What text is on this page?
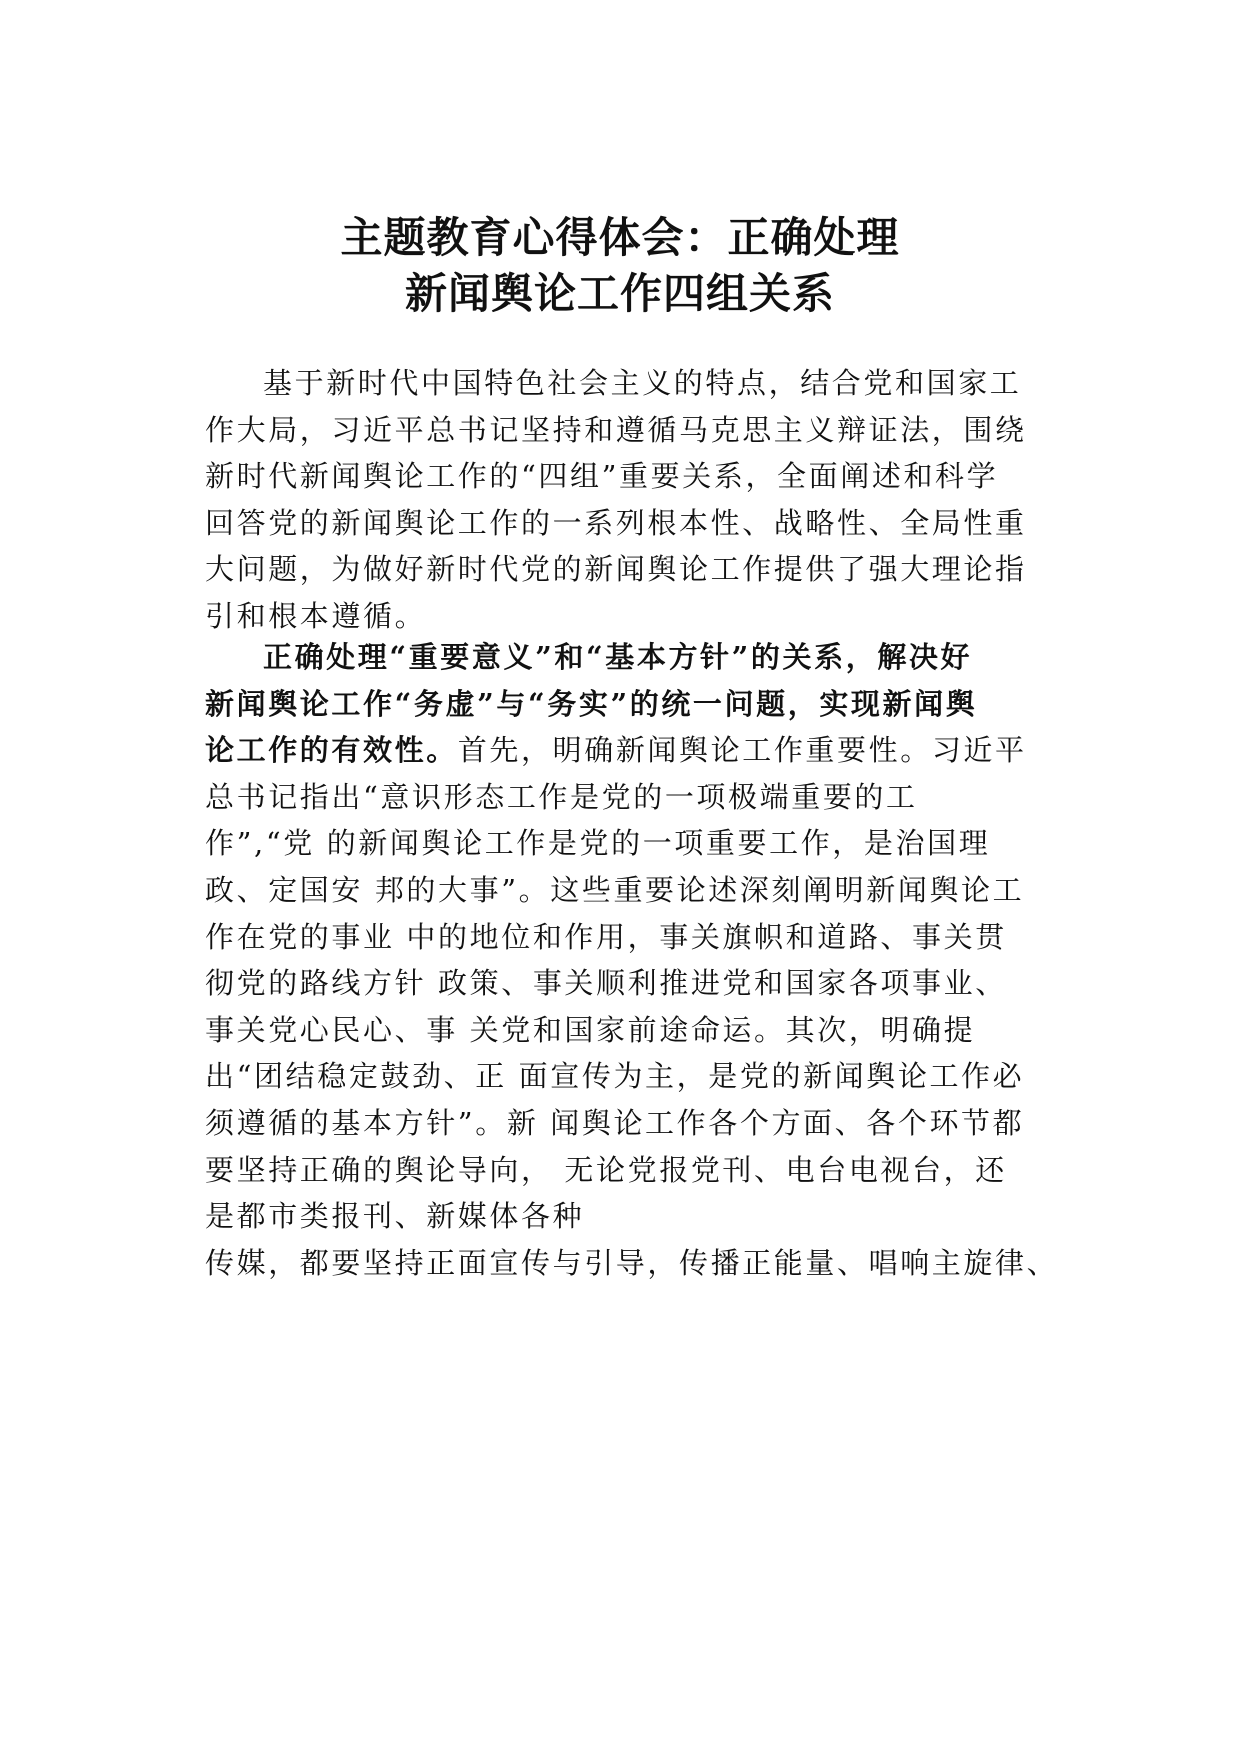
主题教育心得体会：正确处理
新闻舆论工作四组关系
基于新时代中国特色社会主义的特点，结合党和国家工
作大局，习近平总书记坚持和遵循马克思主义辩证法，围绕
新时代新闻舆论工作的“四组”重要关系，全面阐述和科学
回答党的新闻舆论工作的一系列根本性、战略性、全局性重
大问题，为做好新时代党的新闻舆论工作提供了强大理论指
引和根本遵循。
正确处理“重要意义”和“基本方针”的关系，解决好
新闻舆论工作“务虚”与“务实”的统一问题，实现新闻舆
论工作的有效性。首先，明确新闻舆论工作重要性。习近平
总书记指出“意识形态工作是党的一项极端重要的工
作”,“党 的新闻舆论工作是党的一项重要工作，是治国理
政、定国安 邦的大事”。这些重要论述深刻阐明新闻舆论工
作在党的事业 中的地位和作用，事关旗帜和道路、事关贯
彻党的路线方针 政策、事关顺利推进党和国家各项事业、
事关党心民心、事 关党和国家前途命运。其次，明确提
出“团结稳定鼓劲、正 面宣传为主，是党的新闻舆论工作必
须遵循的基本方针”。新 闻舆论工作各个方面、各个环节都
要坚持正确的舆论导向， 无论党报党刊、电台电视台，还
是都市类报刊、新媒体各种
传媒，都要坚持正面宣传与引导，传播正能量、唱响主旋律、
